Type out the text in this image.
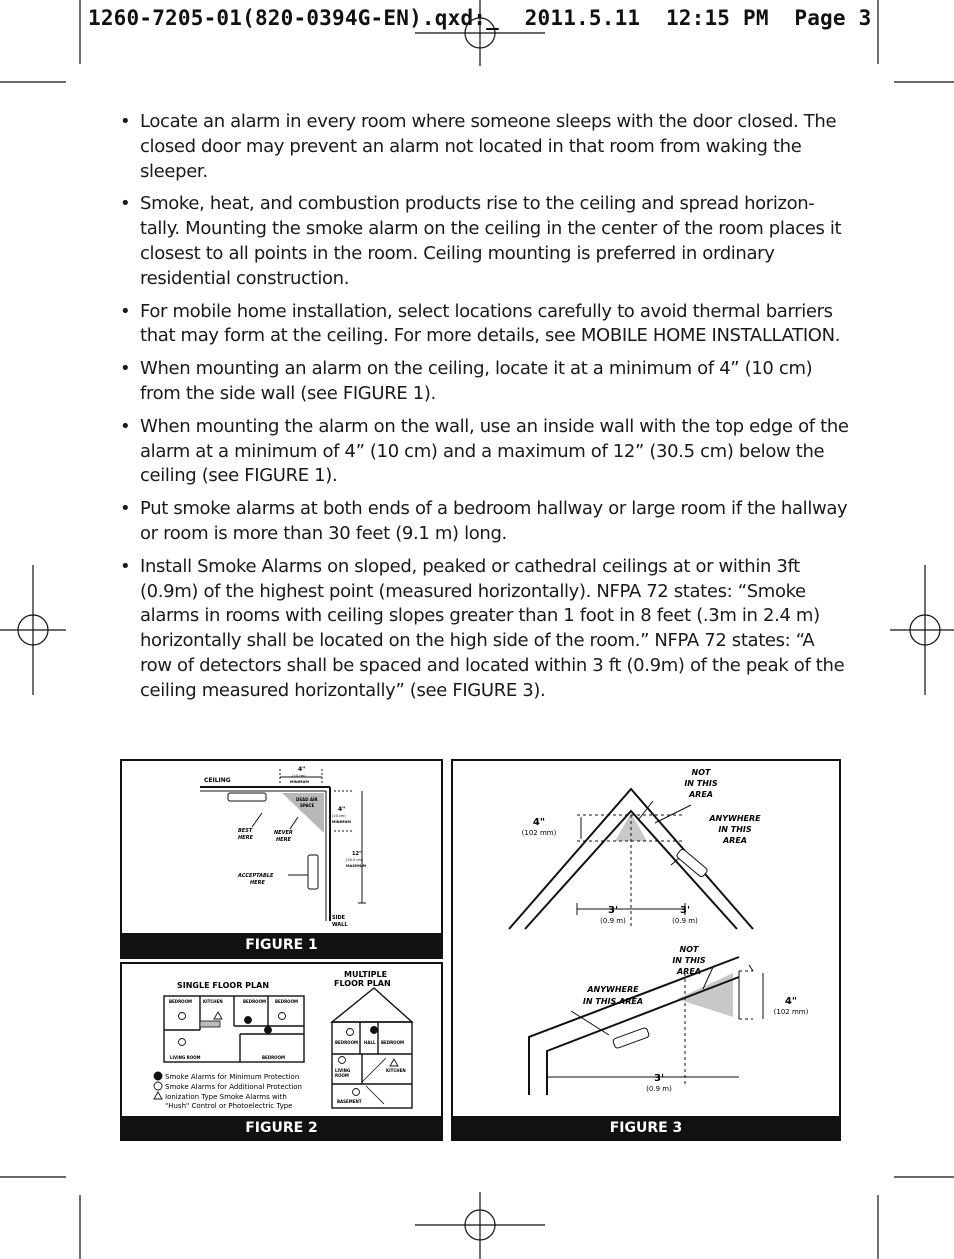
1260-7205-01(820-0394G-EN).qxd:_  2011.5.11  12:15 PM  Page 3
• Locate an alarm in every room where someone sleeps with the door closed. The closed door may prevent an alarm not located in that room from waking the sleeper.
• Smoke, heat, and combustion products rise to the ceiling and spread horizon-tally. Mounting the smoke alarm on the ceiling in the center of the room places it closest to all points in the room. Ceiling mounting is preferred in ordinary residential construction.
• For mobile home installation, select locations carefully to avoid thermal barriers that may form at the ceiling. For more details, see MOBILE HOME INSTALLATION.
• When mounting an alarm on the ceiling, locate it at a minimum of 4” (10 cm) from the side wall (see FIGURE 1).
• When mounting the alarm on the wall, use an inside wall with the top edge of the alarm at a minimum of 4” (10 cm) and a maximum of 12” (30.5 cm) below the ceiling (see FIGURE 1).
• Put smoke alarms at both ends of a bedroom hallway or large room if the hallway or room is more than 30 feet (9.1 m) long.
• Install Smoke Alarms on sloped, peaked or cathedral ceilings at or within 3ft (0.9m) of the highest point (measured horizontally). NFPA 72 states: “Smoke alarms in rooms with ceiling slopes greater than 1 foot in 8 feet (.3m in 2.4 m) horizontally shall be located on the high side of the room.” NFPA 72 states: “A row of detectors shall be spaced and located within 3 ft (0.9m) of the peak of the ceiling measured horizontally” (see FIGURE 3).
CEILING
4"
(10 cm)
MINIMUM
DEAD AIR
SPACE
4"
(10 cm)
MINIMUM
12"
(30.5 cm)
MAXIMUM
BEST
HERE
NEVER
HERE
ACCEPTABLE
HERE
SIDE
WALL
FIGURE 1
SINGLE FLOOR PLAN
MULTIPLE
FLOOR PLAN
BEDROOM	KITCHEN	BEDROOM BEDROOM
LIVING ROOM	BEDROOM
BEDROOM HALL BEDROOM
LIVING
ROOM
KITCHEN
BASEMENT
Smoke Alarms for Minimum Protection
Smoke Alarms for Additional Protection
Ionization Type Smoke Alarms with
"Hush" Control or Photoelectric Type
FIGURE 2
NOT
IN THIS
AREA
ANYWHERE
IN THIS
AREA
NOT
IN THIS
AREA
ANYWHERE
IN THIS AREA
4"
(102 mm)
3'
(0.9 m)
3'
(0.9 m)
4"
(102 mm)
3'
(0.9 m)
FIGURE 3
